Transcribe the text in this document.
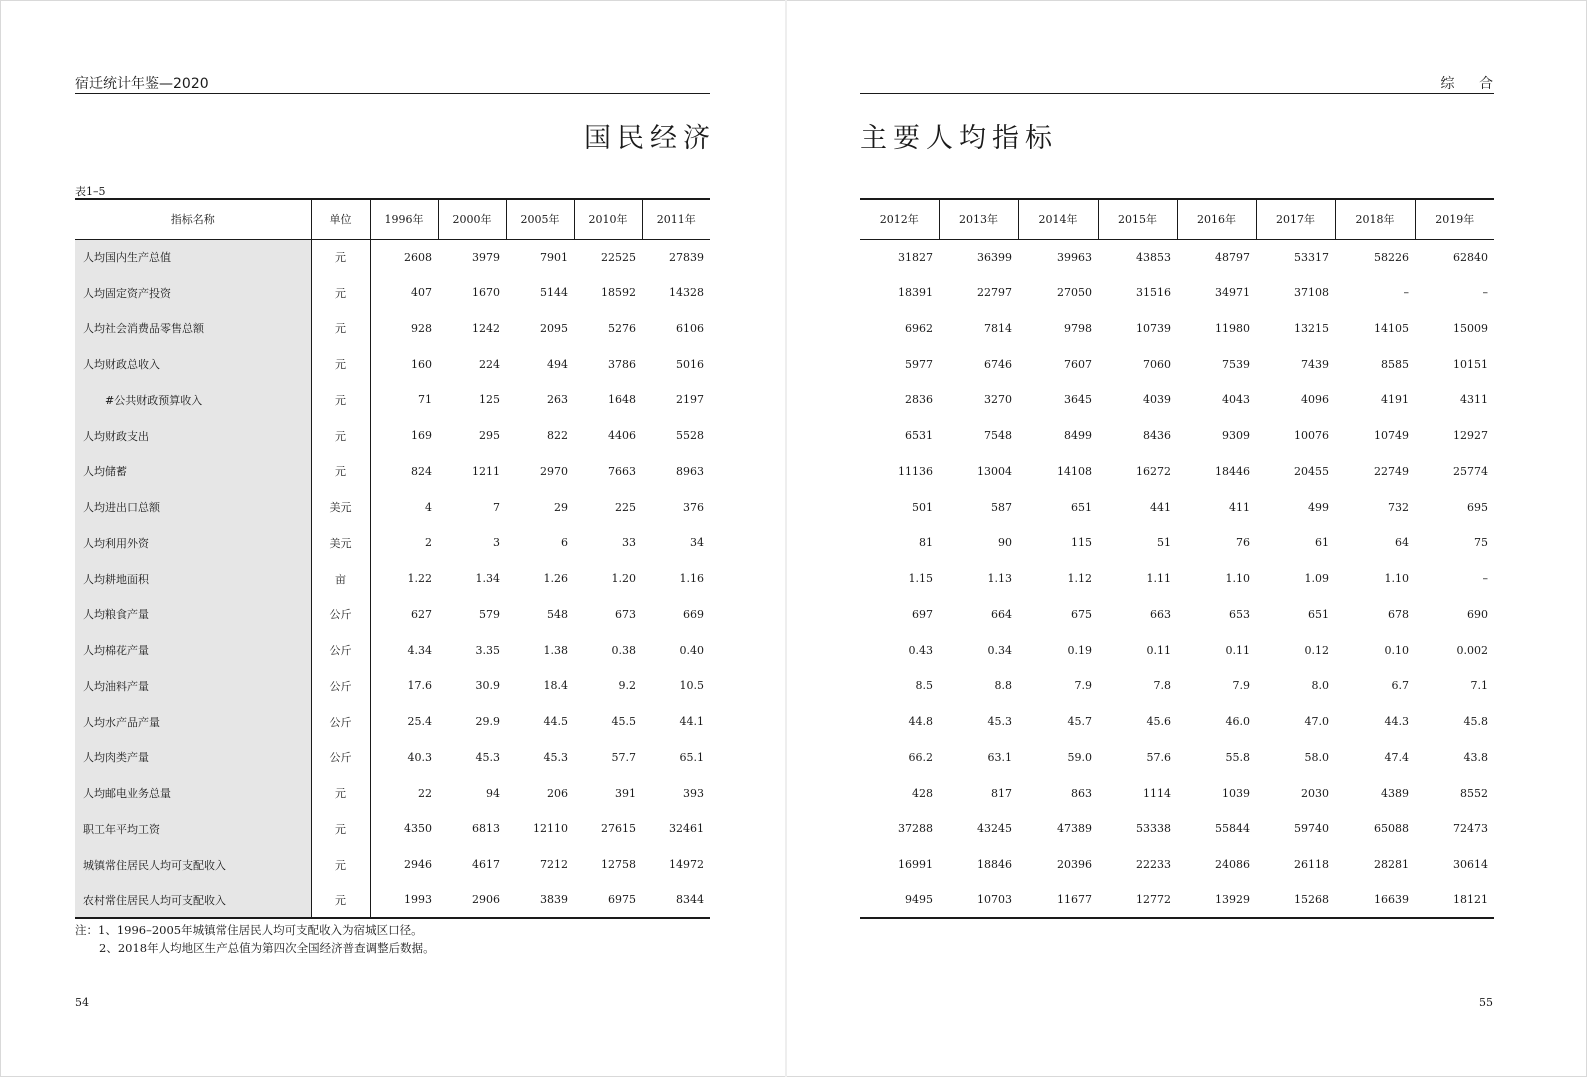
宿迁统计年鉴—2020	综 合
国民经济	主要人均指标
表1–5
指标名称	单位	1996年	2000年	2005年	2010年	2011年
人均国内生产总值	元	2608	3979	7901	22525	27839
人均固定资产投资	元	407	1670	5144	18592	14328
人均社会消费品零售总额	元	928	1242	2095	5276	6106
人均财政总收入	元	160	224	494	3786	5016
#公共财政预算收入	元	71	125	263	1648	2197
人均财政支出	元	169	295	822	4406	5528
人均储蓄	元	824	1211	2970	7663	8963
人均进出口总额	美元	4	7	29	225	376
人均利用外资	美元	2	3	6	33	34
人均耕地面积	亩	1.22	1.34	1.26	1.20	1.16
人均粮食产量	公斤	627	579	548	673	669
人均棉花产量	公斤	4.34	3.35	1.38	0.38	0.40
人均油料产量	公斤	17.6	30.9	18.4	9.2	10.5
人均水产品产量	公斤	25.4	29.9	44.5	45.5	44.1
人均肉类产量	公斤	40.3	45.3	45.3	57.7	65.1
人均邮电业务总量	元	22	94	206	391	393
职工年平均工资	元	4350	6813	12110	27615	32461
城镇常住居民人均可支配收入	元	2946	4617	7212	12758	14972
农村常住居民人均可支配收入	元	1993	2906	3839	6975	8344
2012年	2013年	2014年	2015年	2016年	2017年	2018年	2019年
31827	36399	39963	43853	48797	53317	58226	62840
18391	22797	27050	31516	34971	37108	–	–
6962	7814	9798	10739	11980	13215	14105	15009
5977	6746	7607	7060	7539	7439	8585	10151
2836	3270	3645	4039	4043	4096	4191	4311
6531	7548	8499	8436	9309	10076	10749	12927
11136	13004	14108	16272	18446	20455	22749	25774
501	587	651	441	411	499	732	695
81	90	115	51	76	61	64	75
1.15	1.13	1.12	1.11	1.10	1.09	1.10	–
697	664	675	663	653	651	678	690
0.43	0.34	0.19	0.11	0.11	0.12	0.10	0.002
8.5	8.8	7.9	7.8	7.9	8.0	6.7	7.1
44.8	45.3	45.7	45.6	46.0	47.0	44.3	45.8
66.2	63.1	59.0	57.6	55.8	58.0	47.4	43.8
428	817	863	1114	1039	2030	4389	8552
37288	43245	47389	53338	55844	59740	65088	72473
16991	18846	20396	22233	24086	26118	28281	30614
9495	10703	11677	12772	13929	15268	16639	18121
注：1、1996–2005年城镇常住居民人均可支配收入为宿城区口径。
2、2018年人均地区生产总值为第四次全国经济普查调整后数据。
54	55
